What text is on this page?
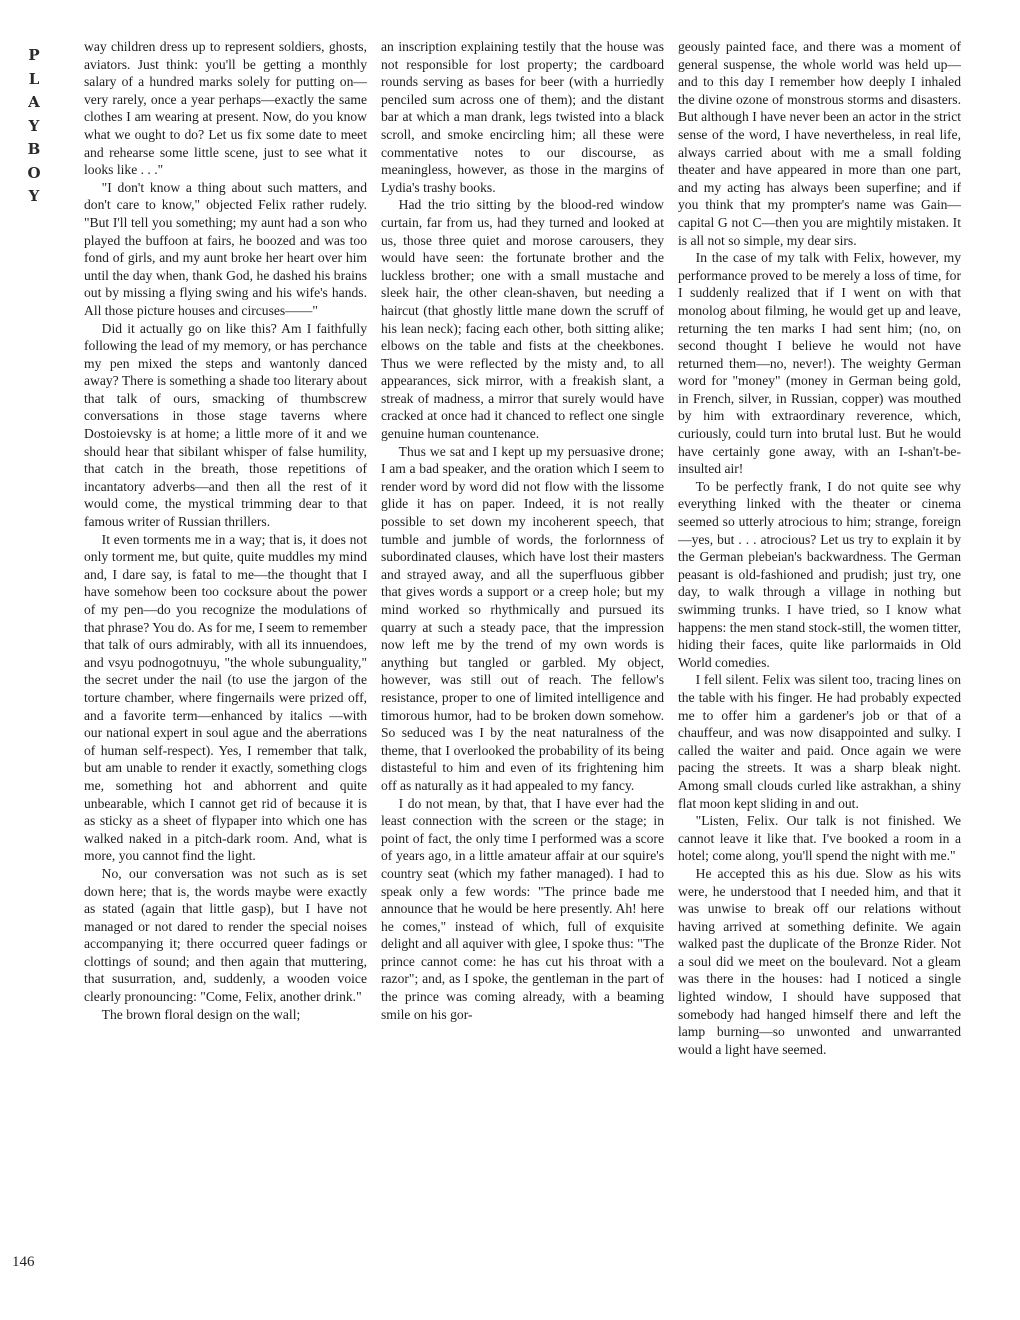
P
L
A
Y
B
O
Y

way children dress up to represent soldiers, ghosts, aviators. Just think: you'll be getting a monthly salary of a hundred marks solely for putting on—very rarely, once a year perhaps—exactly the same clothes I am wearing at present. Now, do you know what we ought to do? Let us fix some date to meet and rehearse some little scene, just to see what it looks like . . ."

"I don't know a thing about such matters, and don't care to know," objected Felix rather rudely. "But I'll tell you something; my aunt had a son who played the buffoon at fairs, he boozed and was too fond of girls, and my aunt broke her heart over him until the day when, thank God, he dashed his brains out by missing a flying swing and his wife's hands. All those picture houses and circuses——"

Did it actually go on like this? Am I faithfully following the lead of my memory, or has perchance my pen mixed the steps and wantonly danced away? There is something a shade too literary about that talk of ours, smacking of thumbscrew conversations in those stage taverns where Dostoievsky is at home; a little more of it and we should hear that sibilant whisper of false humility, that catch in the breath, those repetitions of incantatory adverbs—and then all the rest of it would come, the mystical trimming dear to that famous writer of Russian thrillers.

It even torments me in a way; that is, it does not only torment me, but quite, quite muddles my mind and, I dare say, is fatal to me—the thought that I have somehow been too cocksure about the power of my pen—do you recognize the modulations of that phrase? You do. As for me, I seem to remember that talk of ours admirably, with all its innuendoes, and vsyu podnogotnuyu, "the whole subunguality," the secret under the nail (to use the jargon of the torture chamber, where fingernails were prized off, and a favorite term—enhanced by italics —with our national expert in soul ague and the aberrations of human self-respect). Yes, I remember that talk, but am unable to render it exactly, something clogs me, something hot and abhorrent and quite unbearable, which I cannot get rid of because it is as sticky as a sheet of flypaper into which one has walked naked in a pitch-dark room. And, what is more, you cannot find the light.

No, our conversation was not such as is set down here; that is, the words maybe were exactly as stated (again that little gasp), but I have not managed or not dared to render the special noises accompanying it; there occurred queer fadings or clottings of sound; and then again that muttering, that susurration, and, suddenly, a wooden voice clearly pronouncing: "Come, Felix, another drink."

The brown floral design on the wall;

an inscription explaining testily that the house was not responsible for lost property; the cardboard rounds serving as bases for beer (with a hurriedly penciled sum across one of them); and the distant bar at which a man drank, legs twisted into a black scroll, and smoke encircling him; all these were commentative notes to our discourse, as meaningless, however, as those in the margins of Lydia's trashy books.

Had the trio sitting by the blood-red window curtain, far from us, had they turned and looked at us, those three quiet and morose carousers, they would have seen: the fortunate brother and the luckless brother; one with a small mustache and sleek hair, the other clean-shaven, but needing a haircut (that ghostly little mane down the scruff of his lean neck); facing each other, both sitting alike; elbows on the table and fists at the cheekbones. Thus we were reflected by the misty and, to all appearances, sick mirror, with a freakish slant, a streak of madness, a mirror that surely would have cracked at once had it chanced to reflect one single genuine human countenance.

Thus we sat and I kept up my persuasive drone; I am a bad speaker, and the oration which I seem to render word by word did not flow with the lissome glide it has on paper. Indeed, it is not really possible to set down my incoherent speech, that tumble and jumble of words, the forlornness of subordinated clauses, which have lost their masters and strayed away, and all the superfluous gibber that gives words a support or a creep hole; but my mind worked so rhythmically and pursued its quarry at such a steady pace, that the impression now left me by the trend of my own words is anything but tangled or garbled. My object, however, was still out of reach. The fellow's resistance, proper to one of limited intelligence and timorous humor, had to be broken down somehow. So seduced was I by the neat naturalness of the theme, that I overlooked the probability of its being distasteful to him and even of its frightening him off as naturally as it had appealed to my fancy.

I do not mean, by that, that I have ever had the least connection with the screen or the stage; in point of fact, the only time I performed was a score of years ago, in a little amateur affair at our squire's country seat (which my father managed). I had to speak only a few words: "The prince bade me announce that he would be here presently. Ah! here he comes," instead of which, full of exquisite delight and all aquiver with glee, I spoke thus: "The prince cannot come: he has cut his throat with a razor"; and, as I spoke, the gentleman in the part of the prince was coming already, with a beaming smile on his gor-

geously painted face, and there was a moment of general suspense, the whole world was held up—and to this day I remember how deeply I inhaled the divine ozone of monstrous storms and disasters. But although I have never been an actor in the strict sense of the word, I have nevertheless, in real life, always carried about with me a small folding theater and have appeared in more than one part, and my acting has always been superfine; and if you think that my prompter's name was Gain—capital G not C—then you are mightily mistaken. It is all not so simple, my dear sirs.

In the case of my talk with Felix, however, my performance proved to be merely a loss of time, for I suddenly realized that if I went on with that monolog about filming, he would get up and leave, returning the ten marks I had sent him; (no, on second thought I believe he would not have returned them—no, never!). The weighty German word for "money" (money in German being gold, in French, silver, in Russian, copper) was mouthed by him with extraordinary reverence, which, curiously, could turn into brutal lust. But he would have certainly gone away, with an I-shan't-be-insulted air!

To be perfectly frank, I do not quite see why everything linked with the theater or cinema seemed so utterly atrocious to him; strange, foreign—yes, but . . . atrocious? Let us try to explain it by the German plebeian's backwardness. The German peasant is old-fashioned and prudish; just try, one day, to walk through a village in nothing but swimming trunks. I have tried, so I know what happens: the men stand stock-still, the women titter, hiding their faces, quite like parlormaids in Old World comedies.

I fell silent. Felix was silent too, tracing lines on the table with his finger. He had probably expected me to offer him a gardener's job or that of a chauffeur, and was now disappointed and sulky. I called the waiter and paid. Once again we were pacing the streets. It was a sharp bleak night. Among small clouds curled like astrakhan, a shiny flat moon kept sliding in and out.

"Listen, Felix. Our talk is not finished. We cannot leave it like that. I've booked a room in a hotel; come along, you'll spend the night with me."

He accepted this as his due. Slow as his wits were, he understood that I needed him, and that it was unwise to break off our relations without having arrived at something definite. We again walked past the duplicate of the Bronze Rider. Not a soul did we meet on the boulevard. Not a gleam was there in the houses: had I noticed a single lighted window, I should have supposed that somebody had hanged himself there and left the lamp burning—so unwonted and unwarranted would a light have seemed.

146
